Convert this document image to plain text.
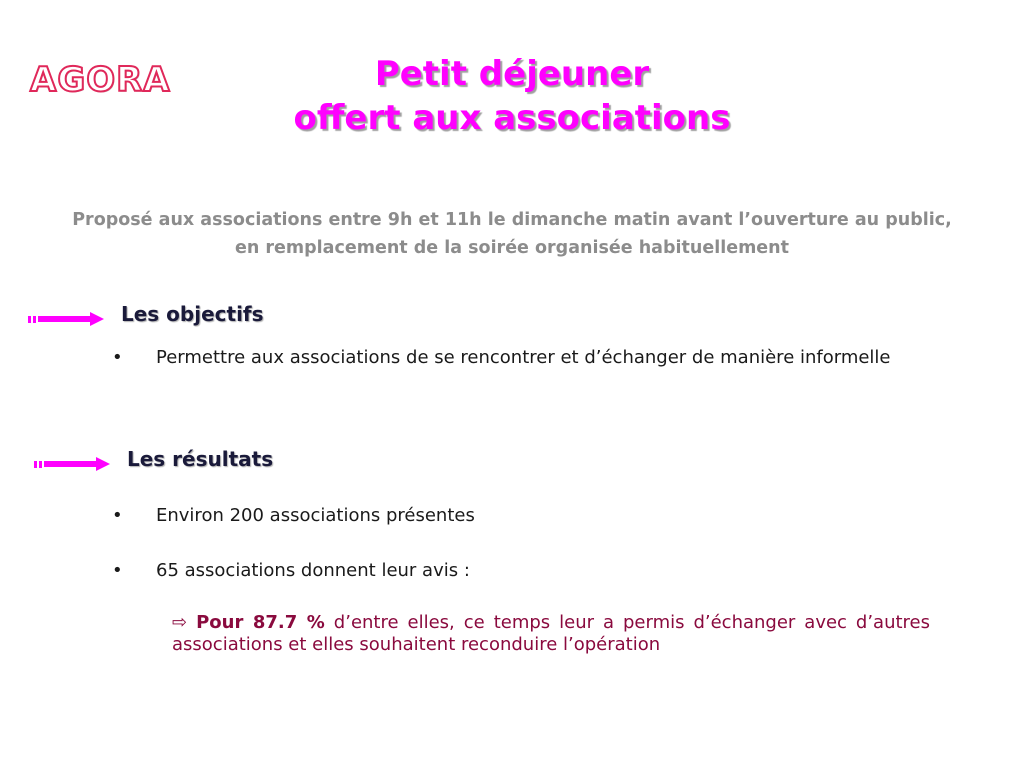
AGORA	Petit déjeuner
offert aux associations
Proposé aux associations entre 9h et 11h le dimanche matin avant l’ouverture au public, en remplacement de la soirée organisée habituellement
Les objectifs
• Permettre aux associations de se rencontrer et d’échanger de manière informelle
Les résultats
• Environ 200 associations présentes
• 65 associations donnent leur avis :
⇨ Pour 87.7 % d’entre elles, ce temps leur a permis d’échanger avec d’autres associations et elles souhaitent reconduire l’opération
